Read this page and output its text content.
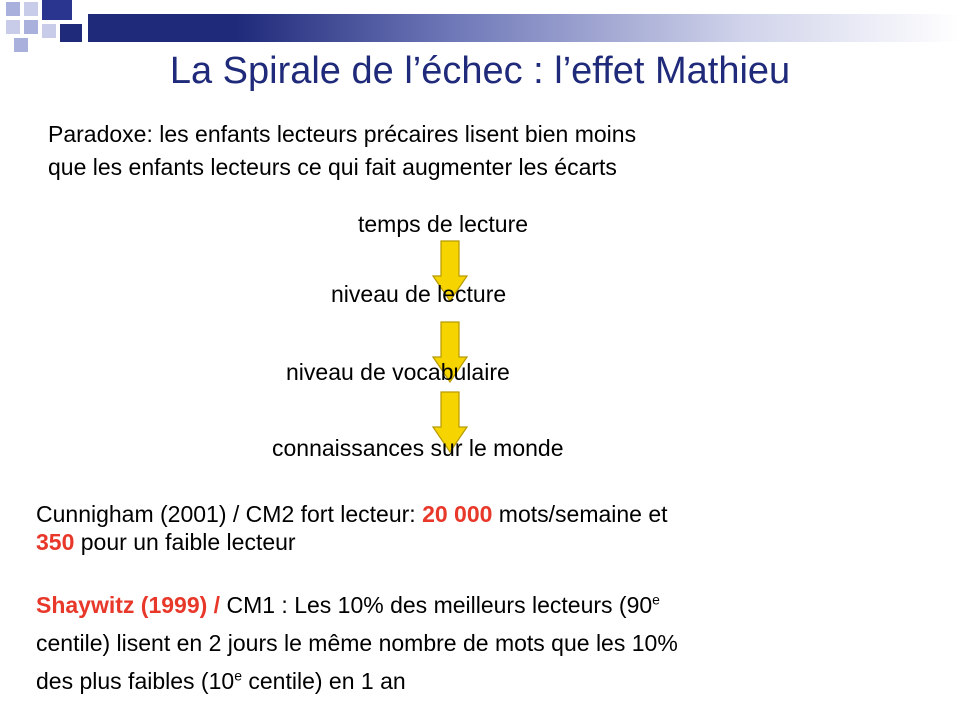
La Spirale de l’échec : l’effet Mathieu
Paradoxe: les enfants lecteurs précaires lisent bien moins
que les enfants lecteurs ce qui fait augmenter les écarts
temps de lecture
niveau de lecture
niveau de vocabulaire
connaissances sur le monde
Cunnigham (2001) / CM2 fort lecteur: 20 000 mots/semaine et
350 pour un faible lecteur
Shaywitz (1999) / CM1 : Les 10% des meilleurs lecteurs (90e
centile) lisent en 2 jours le même nombre de mots que les 10%
des plus faibles (10e centile) en 1 an
